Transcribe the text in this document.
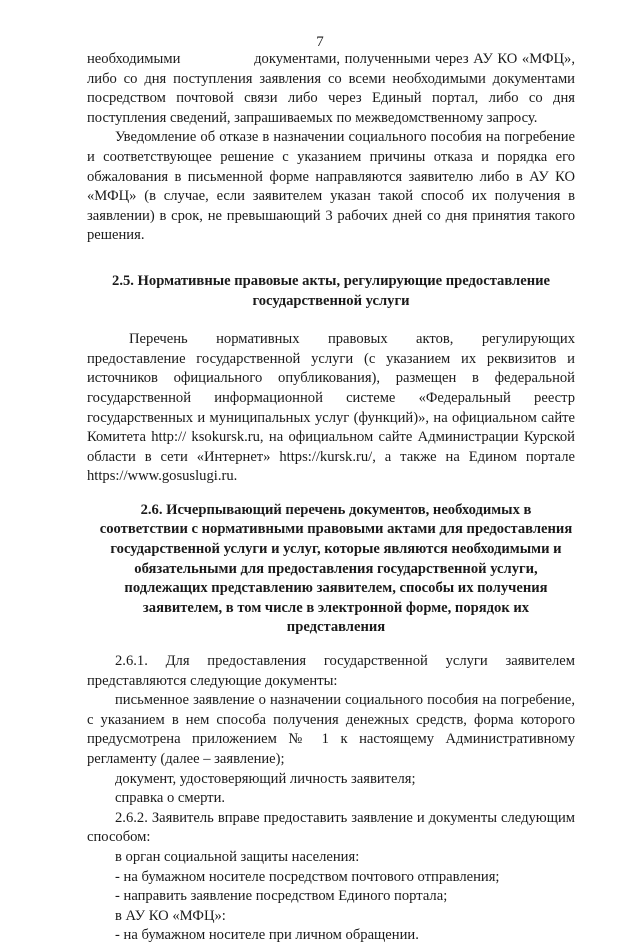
7

необходимыми                документами, полученными через АУ КО «МФЦ», либо со дня поступления заявления со всеми необходимыми документами посредством почтовой связи либо через Единый портал, либо со дня поступления сведений, запрашиваемых по межведомственному запросу.

Уведомление об отказе в назначении социального пособия на погребение и соответствующее решение с указанием причины отказа и порядка его обжалования в письменной форме направляются заявителю либо в АУ КО «МФЦ» (в случае, если заявителем указан такой способ их получения в заявлении) в срок, не превышающий 3 рабочих дней со дня принятия такого решения.

2.5. Нормативные правовые акты, регулирующие предоставление государственной услуги

Перечень нормативных правовых актов, регулирующих предоставление государственной услуги (с указанием их реквизитов и источников официального опубликования), размещен в федеральной государственной информационной системе «Федеральный реестр государственных и муниципальных услуг (функций)», на официальном сайте Комитета http:// ksokursk.ru, на официальном сайте Администрации Курской области в сети «Интернет» https://kursk.ru/, а также на Едином портале https://www.gosuslugi.ru.

2.6. Исчерпывающий перечень документов, необходимых в соответствии с нормативными правовыми актами для предоставления государственной услуги и услуг, которые являются необходимыми и обязательными для предоставления государственной услуги, подлежащих представлению заявителем, способы их получения заявителем, в том числе в электронной форме, порядок их представления

2.6.1. Для предоставления государственной услуги заявителем представляются следующие документы:

письменное заявление о назначении социального пособия на погребение, с указанием в нем способа получения денежных средств, форма которого предусмотрена приложением № 1 к настоящему Административному регламенту (далее – заявление);

документ, удостоверяющий личность заявителя;

справка о смерти.

2.6.2. Заявитель вправе предоставить заявление и документы следующим способом:

в орган социальной защиты населения:

- на бумажном носителе посредством почтового отправления;

- направить заявление посредством Единого портала;

в АУ КО «МФЦ»:

- на бумажном носителе при личном обращении.
